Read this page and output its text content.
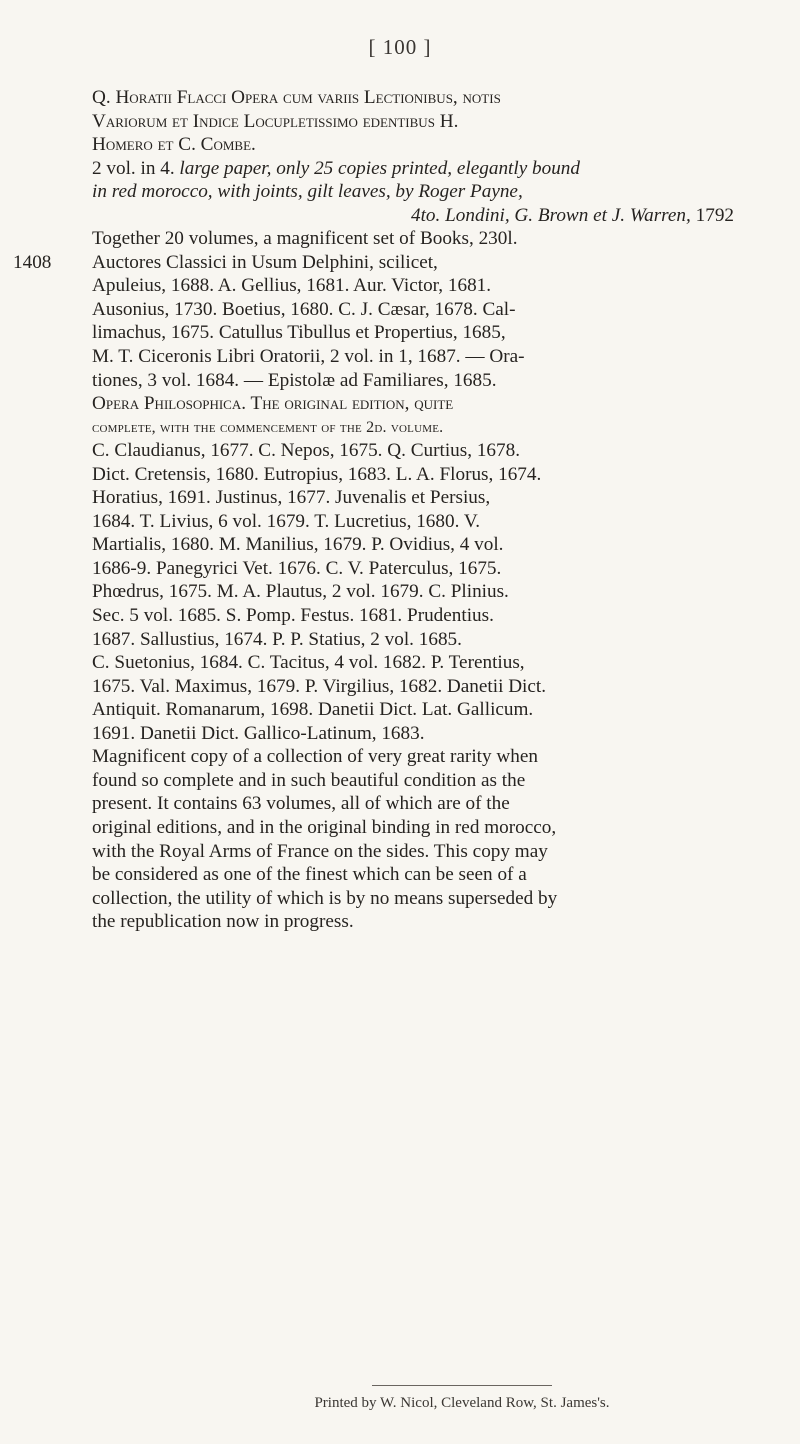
[ 100 ]

Q. Horatii Flacci Opera cum variis Lectionibus, notis

Variorum et Indice Locupletissimo edentibus H.

Homero et C. Combe.

2 vol. in 4. large paper, only 25 copies printed, elegantly bound

in red morocco, with joints, gilt leaves, by Roger Payne,

4to. Londini, G. Brown et J. Warren, 1792

Together 20 volumes, a magnificent set of Books, 230l.

1408	Auctores Classici in Usum Delphini, scilicet,

Apuleius, 1688. A. Gellius, 1681. Aur. Victor, 1681.

Ausonius, 1730. Boetius, 1680. C. J. Cæsar, 1678. Cal-

limachus, 1675. Catullus Tibullus et Propertius, 1685,

M. T. Ciceronis Libri Oratorii, 2 vol. in 1, 1687. — Ora-

tiones, 3 vol. 1684. — Epistolæ ad Familiares, 1685.

Opera Philosophica. The original edition, quite

complete, with the commencement of the 2d. volume.

C. Claudianus, 1677. C. Nepos, 1675. Q. Curtius, 1678.

Dict. Cretensis, 1680. Eutropius, 1683. L. A. Florus, 1674.

Horatius, 1691. Justinus, 1677. Juvenalis et Persius,

1684. T. Livius, 6 vol. 1679. T. Lucretius, 1680. V.

Martialis, 1680. M. Manilius, 1679. P. Ovidius, 4 vol.

1686-9. Panegyrici Vet. 1676. C. V. Paterculus, 1675.

Phœdrus, 1675. M. A. Plautus, 2 vol. 1679. C. Plinius.

Sec. 5 vol. 1685. S. Pomp. Festus. 1681. Prudentius.

1687. Sallustius, 1674. P. P. Statius, 2 vol. 1685.

C. Suetonius, 1684. C. Tacitus, 4 vol. 1682. P. Terentius,

1675. Val. Maximus, 1679. P. Virgilius, 1682. Danetii Dict.

Antiquit. Romanarum, 1698. Danetii Dict. Lat. Gallicum.

1691. Danetii Dict. Gallico-Latinum, 1683.

Magnificent copy of a collection of very great rarity when

found so complete and in such beautiful condition as the

present. It contains 63 volumes, all of which are of the

original editions, and in the original binding in red morocco,

with the Royal Arms of France on the sides. This copy may

be considered as one of the finest which can be seen of a

collection, the utility of which is by no means superseded by

the republication now in progress.

Printed by W. Nicol, Cleveland Row, St. James's.
